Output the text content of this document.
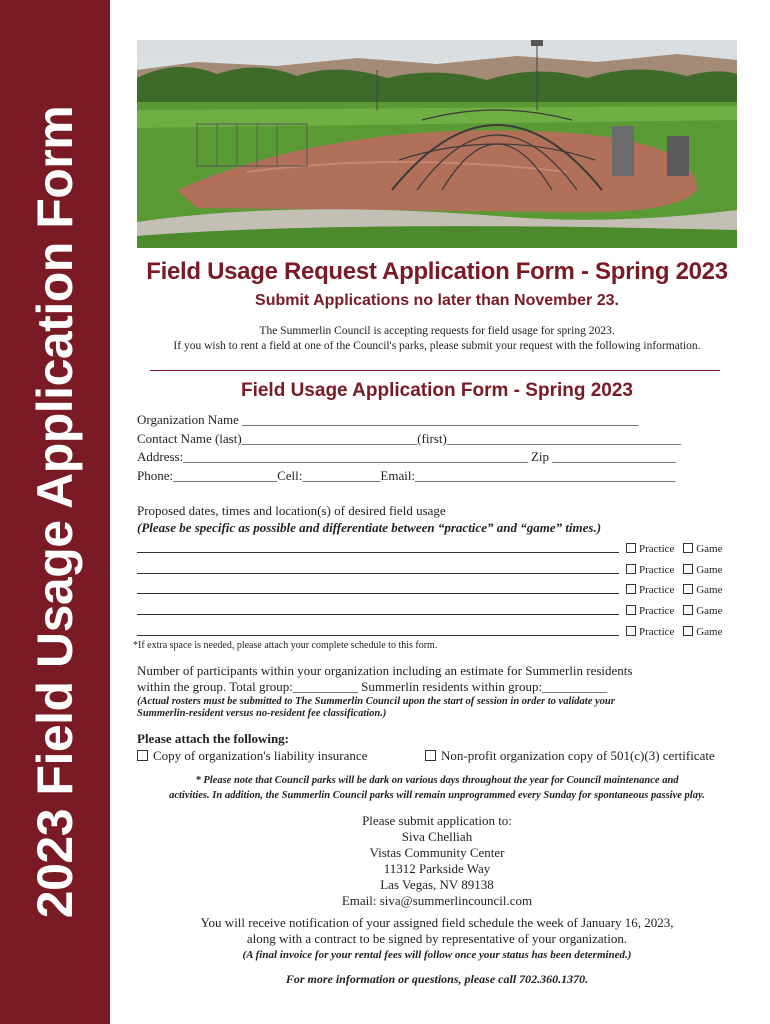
2023 Field Usage Application Form	Field Usage Request Application Form - Spring 2023
Submit Applications no later than November 23.
The Summerlin Council is accepting requests for field usage for spring 2023.
If you wish to rent a field at one of the Council's parks, please submit your request with the following information.
Field Usage Application Form - Spring 2023
Organization Name _____________________________________________________________
Contact Name (last)___________________________(first)____________________________________
Address:_____________________________________________________ Zip ___________________
Phone:________________Cell:____________Email:________________________________________
Proposed dates, times and location(s) of desired field usage
(Please be specific as possible and differentiate between “practice” and “game” times.)
Practice Game
Practice Game
Practice Game
Practice Game
Practice Game
*If extra space is needed, please attach your complete schedule to this form.
Number of participants within your organization including an estimate for Summerlin residents
within the group. Total group:__________ Summerlin residents within group:__________
(Actual rosters must be submitted to The Summerlin Council upon the start of session in order to validate your
Summerlin-resident versus no-resident fee classification.)
Please attach the following:
Copy of organization's liability insurance	Non-profit organization copy of 501(c)(3) certificate
* Please note that Council parks will be dark on various days throughout the year for Council maintenance and
activities. In addition, the Summerlin Council parks will remain unprogrammed every Sunday for spontaneous passive play.
Please submit application to:
Siva Chelliah
Vistas Community Center
11312 Parkside Way
Las Vegas, NV 89138
Email: siva@summerlincouncil.com
You will receive notification of your assigned field schedule the week of January 16, 2023,
along with a contract to be signed by representative of your organization.
(A final invoice for your rental fees will follow once your status has been determined.)
For more information or questions, please call 702.360.1370.
